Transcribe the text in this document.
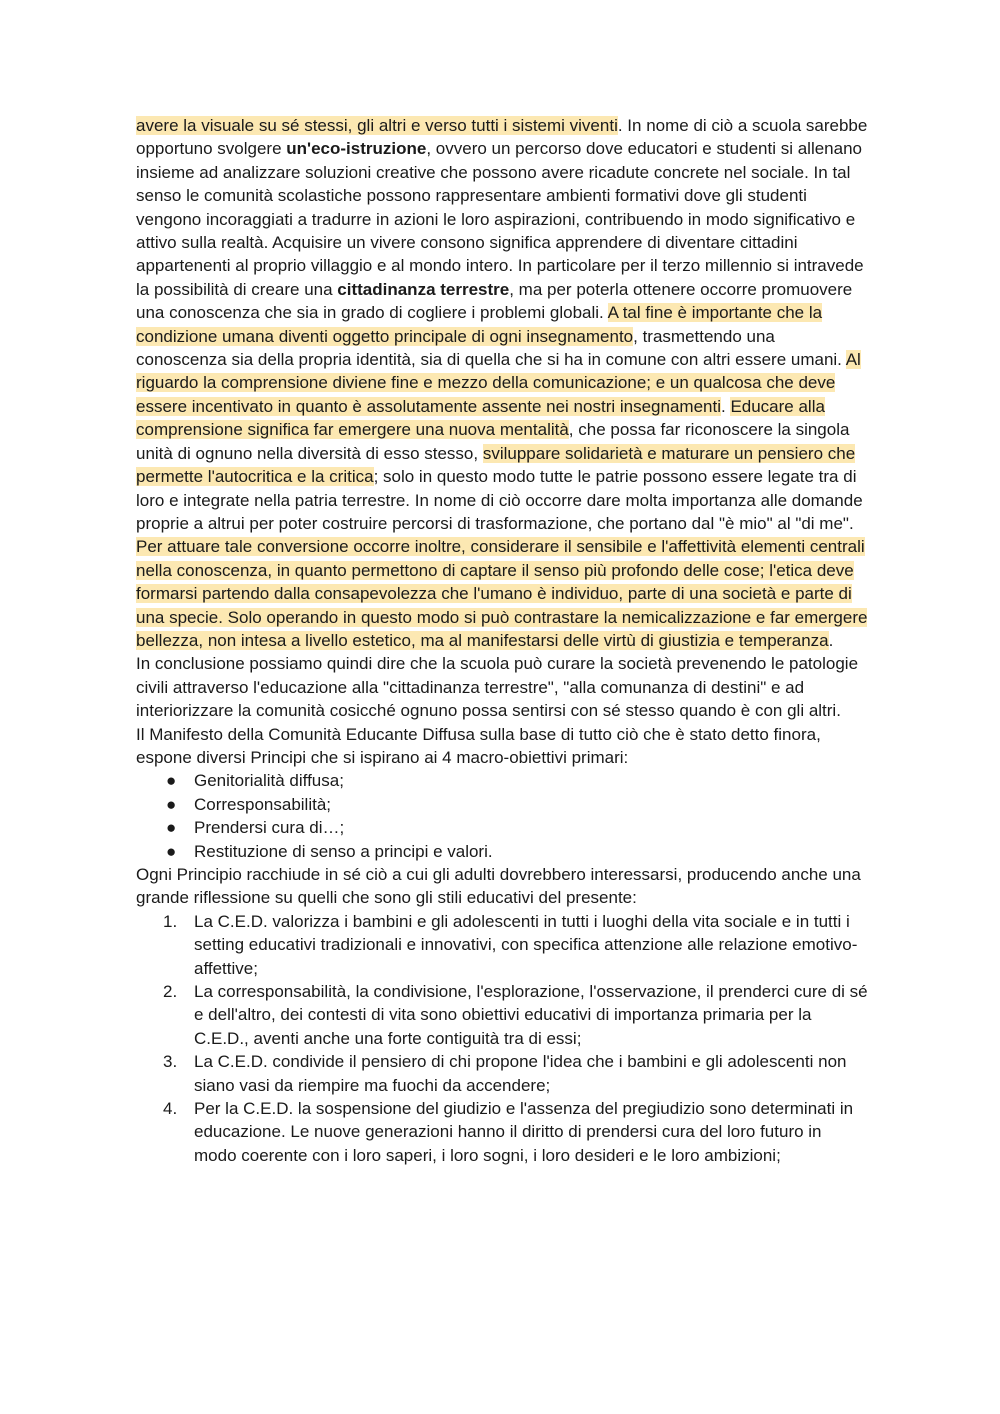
avere la visuale su sé stessi, gli altri e verso tutti i sistemi viventi. In nome di ciò a scuola sarebbe opportuno svolgere un'eco-istruzione, ovvero un percorso dove educatori e studenti si allenano insieme ad analizzare soluzioni creative che possono avere ricadute concrete nel sociale. In tal senso le comunità scolastiche possono rappresentare ambienti formativi dove gli studenti vengono incoraggiati a tradurre in azioni le loro aspirazioni, contribuendo in modo significativo e attivo sulla realtà. Acquisire un vivere consono significa apprendere di diventare cittadini appartenenti al proprio villaggio e al mondo intero. In particolare per il terzo millennio si intravede la possibilità di creare una cittadinanza terrestre, ma per poterla ottenere occorre promuovere una conoscenza che sia in grado di cogliere i problemi globali. A tal fine è importante che la condizione umana diventi oggetto principale di ogni insegnamento, trasmettendo una conoscenza sia della propria identità, sia di quella che si ha in comune con altri essere umani. Al riguardo la comprensione diviene fine e mezzo della comunicazione; e un qualcosa che deve essere incentivato in quanto è assolutamente assente nei nostri insegnamenti. Educare alla comprensione significa far emergere una nuova mentalità, che possa far riconoscere la singola unità di ognuno nella diversità di esso stesso, sviluppare solidarietà e maturare un pensiero che permette l'autocritica e la critica; solo in questo modo tutte le patrie possono essere legate tra di loro e integrate nella patria terrestre. In nome di ciò occorre dare molta importanza alle domande proprie a altrui per poter costruire percorsi di trasformazione, che portano dal "è mio" al "di me". Per attuare tale conversione occorre inoltre, considerare il sensibile e l'affettività elementi centrali nella conoscenza, in quanto permettono di captare il senso più profondo delle cose; l'etica deve formarsi partendo dalla consapevolezza che l'umano è individuo, parte di una società e parte di una specie. Solo operando in questo modo si può contrastare la nemicalizzazione e far emergere bellezza, non intesa a livello estetico, ma al manifestarsi delle virtù di giustizia e temperanza.

In conclusione possiamo quindi dire che la scuola può curare la società prevenendo le patologie civili attraverso l'educazione alla "cittadinanza terrestre", "alla comunanza di destini" e ad interiorizzare la comunità cosicché ognuno possa sentirsi con sé stesso quando è con gli altri.

Il Manifesto della Comunità Educante Diffusa sulla base di tutto ciò che è stato detto finora, espone diversi Principi che si ispirano ai 4 macro-obiettivi primari:

● Genitorialità diffusa;
● Corresponsabilità;
● Prendersi cura di…;
● Restituzione di senso a principi e valori.

Ogni Principio racchiude in sé ciò a cui gli adulti dovrebbero interessarsi, producendo anche una grande riflessione su quelli che sono gli stili educativi del presente:

1. La C.E.D. valorizza i bambini e gli adolescenti in tutti i luoghi della vita sociale e in tutti i setting educativi tradizionali e innovativi, con specifica attenzione alle relazione emotivo-affettive;
2. La corresponsabilità, la condivisione, l'esplorazione, l'osservazione, il prenderci cure di sé e dell'altro, dei contesti di vita sono obiettivi educativi di importanza primaria per la C.E.D., aventi anche una forte contiguità tra di essi;
3. La C.E.D. condivide il pensiero di chi propone l'idea che i bambini e gli adolescenti non siano vasi da riempire ma fuochi da accendere;
4. Per la C.E.D. la sospensione del giudizio e l'assenza del pregiudizio sono determinati in educazione. Le nuove generazioni hanno il diritto di prendersi cura del loro futuro in modo coerente con i loro saperi, i loro sogni, i loro desideri e le loro ambizioni;
